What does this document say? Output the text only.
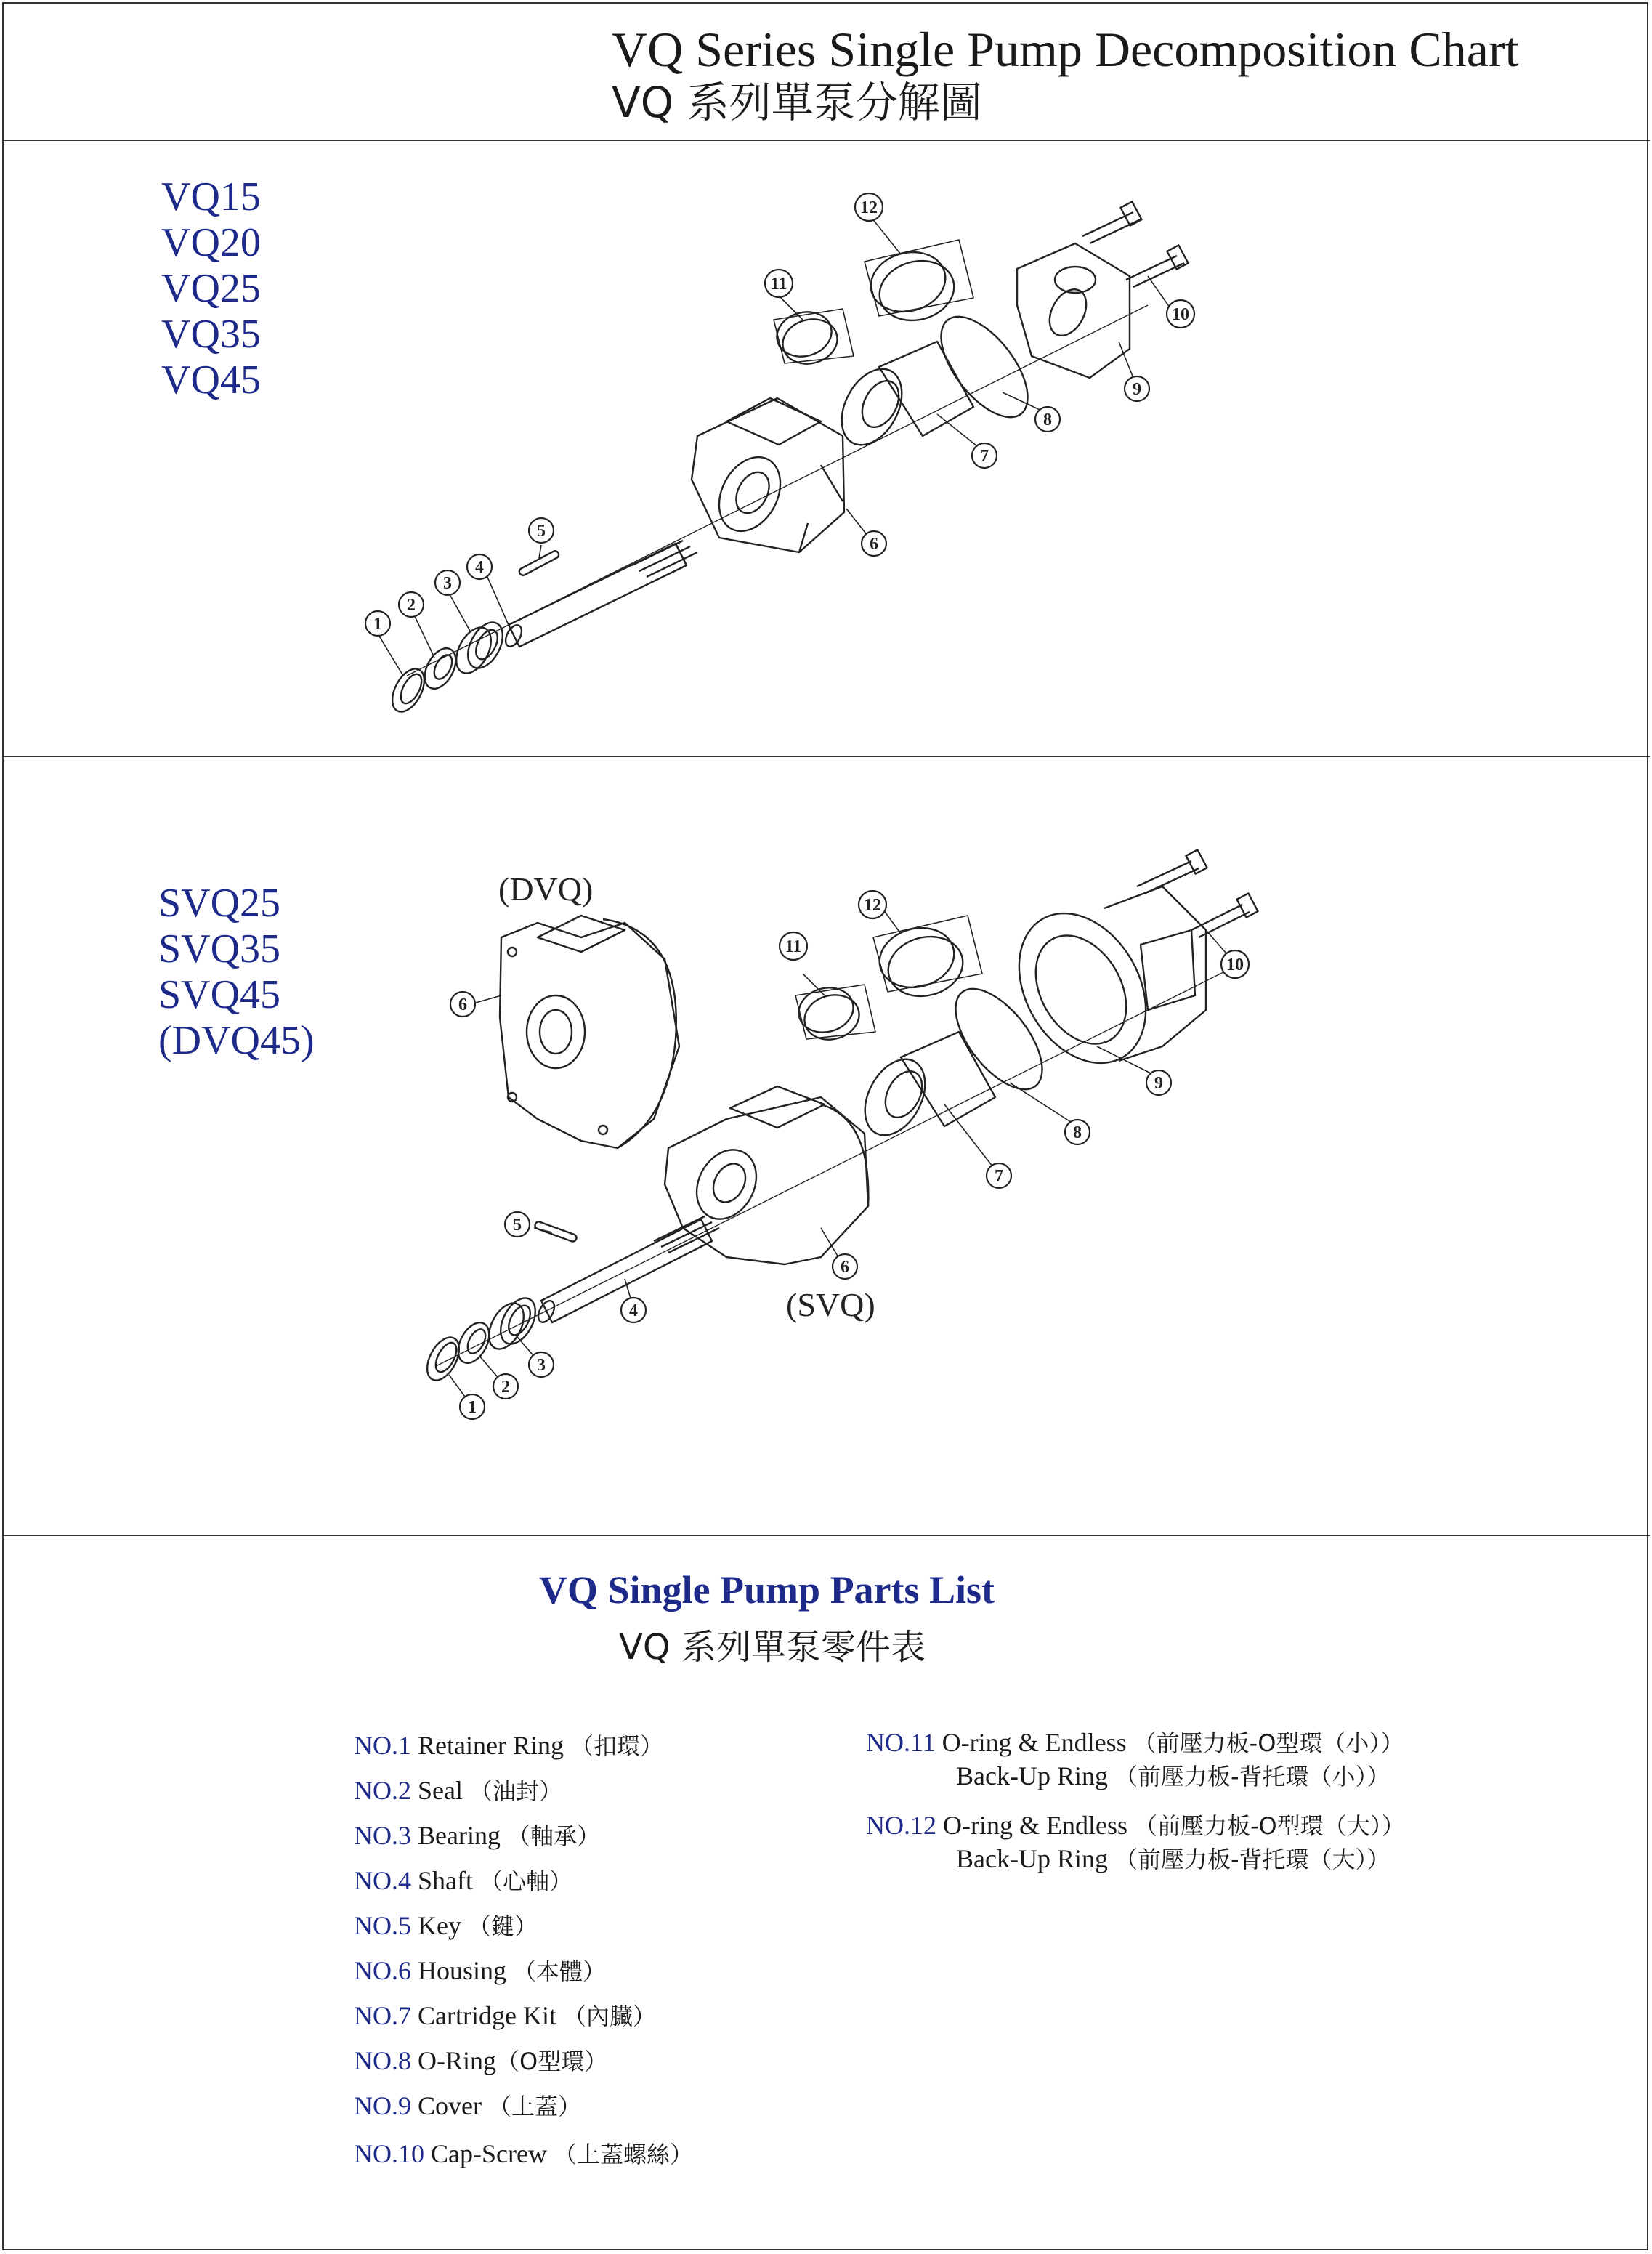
VQ Series Single Pump Decomposition Chart
VQ 系列單泵分解圖
VQ15
VQ20
VQ25
VQ35
VQ45
1
2
3
4
5
6
7
8
9
10
11
12
SVQ25
SVQ35
SVQ45
(DVQ45)
(DVQ)
(SVQ)
1
2
3
4
5
6
6
7
8
9
10
11
12
VQ Single Pump Parts List
VQ 系列單泵零件表
NO.1 Retainer Ring （扣環）
NO.2 Seal （油封）
NO.3 Bearing （軸承）
NO.4 Shaft （心軸）
NO.5 Key （鍵）
NO.6 Housing （本體）
NO.7 Cartridge Kit （內臟）
NO.8 O-Ring（O型環）
NO.9 Cover （上蓋）
NO.10 Cap-Screw （上蓋螺絲）
NO.11 O-ring & Endless （前壓力板-O型環（小））
Back-Up Ring （前壓力板-背托環（小））
NO.12 O-ring & Endless （前壓力板-O型環（大））
Back-Up Ring （前壓力板-背托環（大））
